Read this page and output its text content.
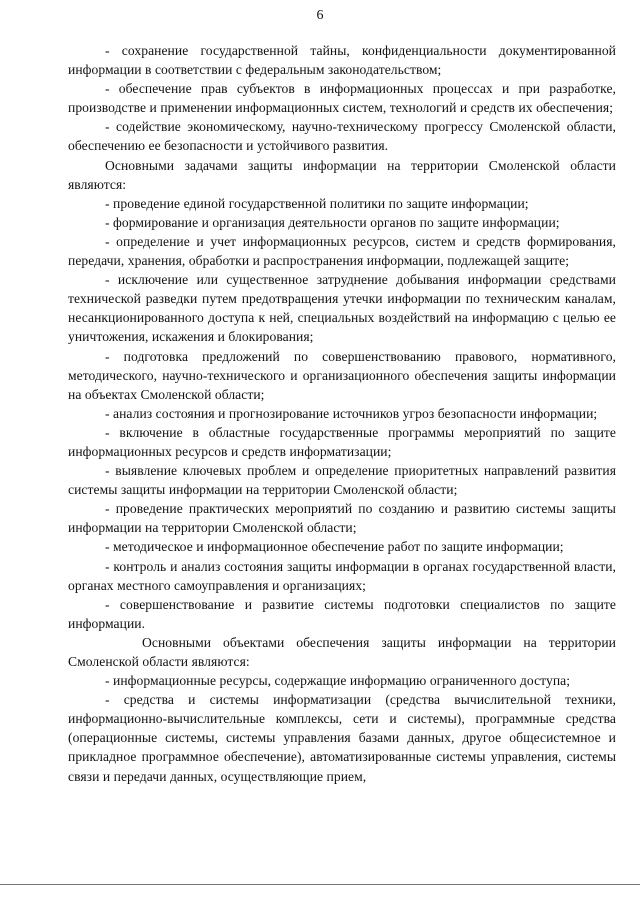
6

- сохранение государственной тайны, конфиденциальности документированной информации в соответствии с федеральным законодательством;

- обеспечение прав субъектов в информационных процессах и при разработке, производстве и применении информационных систем, технологий и средств их обеспечения;

- содействие экономическому, научно-техническому прогрессу Смоленской области, обеспечению ее безопасности и устойчивого развития.

Основными задачами защиты информации на территории Смоленской области являются:

- проведение единой государственной политики по защите информации;

- формирование и организация деятельности органов по защите информации;

- определение и учет информационных ресурсов, систем и средств формирования, передачи, хранения, обработки и распространения информации, подлежащей защите;

- исключение или существенное затруднение добывания информации средствами технической разведки путем предотвращения утечки информации по техническим каналам, несанкционированного доступа к ней, специальных воздействий на информацию с целью ее уничтожения, искажения и блокирования;

- подготовка предложений по совершенствованию правового, нормативного, методического, научно-технического и организационного обеспечения защиты информации на объектах Смоленской области;

- анализ состояния и прогнозирование источников угроз безопасности информации;

- включение в областные государственные программы мероприятий по защите информационных ресурсов и средств информатизации;

- выявление ключевых проблем и определение приоритетных направлений развития системы защиты информации на территории Смоленской области;

- проведение практических мероприятий по созданию и развитию системы защиты информации на территории Смоленской области;

- методическое и информационное обеспечение работ по защите информации;

- контроль и анализ состояния защиты информации в органах государственной власти, органах местного самоуправления и организациях;

- совершенствование и развитие системы подготовки специалистов по защите информации.

Основными объектами обеспечения защиты информации на территории Смоленской области являются:

- информационные ресурсы, содержащие информацию ограниченного доступа;

- средства и системы информатизации (средства вычислительной техники, информационно-вычислительные комплексы, сети и системы), программные средства (операционные системы, системы управления базами данных, другое общесистемное и прикладное программное обеспечение), автоматизированные системы управления, системы связи и передачи данных, осуществляющие прием,
